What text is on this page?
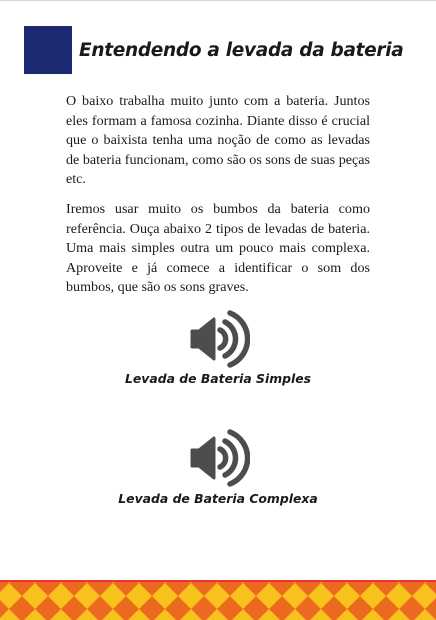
Entendendo a levada da bateria

O baixo trabalha muito junto com a bateria. Juntos eles formam a famosa cozinha. Diante disso é crucial que o baixista tenha uma noção de como as levadas de bateria funcionam, como são os sons de suas peças etc.

Iremos usar muito os bumbos da bateria como referência. Ouça abaixo 2 tipos de levadas de bateria. Uma mais simples outra um pouco mais complexa. Aproveite e já comece a identificar o som dos bumbos, que são os sons graves.

Levada de Bateria Simples
Levada de Bateria Complexa
